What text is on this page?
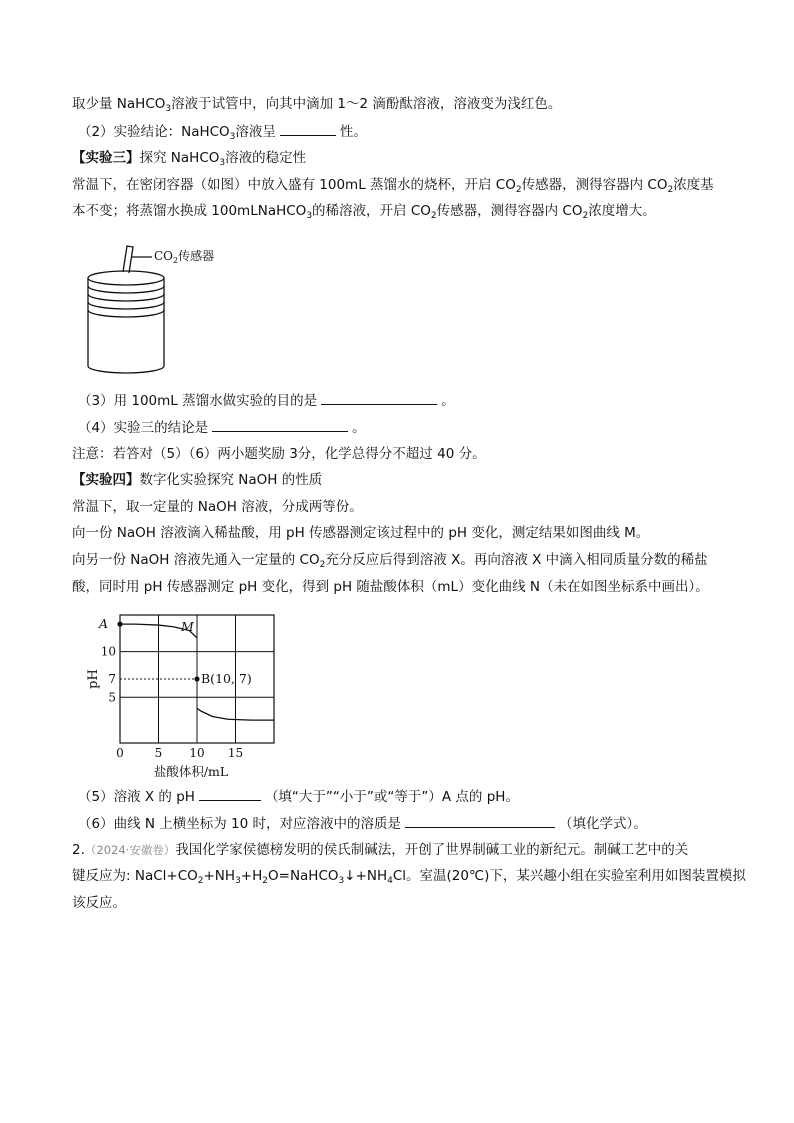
取少量 NaHCO$_3$溶液于试管中，向其中滴加 1～2 滴酚酞溶液，溶液变为浅红色。
（2）实验结论：NaHCO$_3$溶液呈	性。
【实验三】探究 NaHCO$_3$溶液的稳定性
常温下，在密闭容器（如图）中放入盛有 100mL 蒸馏水的烧杯，开启 $CO_2$传感器，测得容器内 $CO_2$浓度基
本不变；将蒸馏水换成 100mLNaHCO$_3$的稀溶液，开启 $CO_2$传感器，测得容器内 $CO_2$浓度增大。
$CO_2$传感器
（3）用 100mL 蒸馏水做实验的目的是	。
（4）实验三的结论是	。
注意：若答对（5）（6）两小题奖励 3分，化学总得分不超过 40 分。
【实验四】数字化实验探究 NaOH 的性质
常温下，取一定量的 NaOH 溶液，分成两等份。
向一份 NaOH 溶液滴入稀盐酸，用 pH 传感器测定该过程中的 pH 变化，测定结果如图曲线 M。
向另一份 NaOH 溶液先通入一定量的 $CO_2$充分反应后得到溶液 X。再向溶液 X 中滴入相同质量分数的稀盐
酸，同时用 pH 传感器测定 pH 变化，得到 pH 随盐酸体积（mL）变化曲线 N（未在如图坐标系中画出）。
0	5 10 15
5
7
10
pH
盐酸体积/mL
M
A
B(10, 7)
（5）溶液 X 的 pH	（填“大于”“小于”或“等于”）A 点的 pH。
（6）曲线 N 上横坐标为 10 时，对应溶液中的溶质是	（填化学式）。
2.（2024·安徽卷）我国化学家侯德榜发明的侯氏制碱法，开创了世界制碱工业的新纪元。制碱工艺中的关
键反应为: $NaCl+CO_2+NH_3+H_2O=NaHCO_3↓+NH_4Cl$。室温(20℃)下，某兴趣小组在实验室利用如图装置模拟
该反应。
